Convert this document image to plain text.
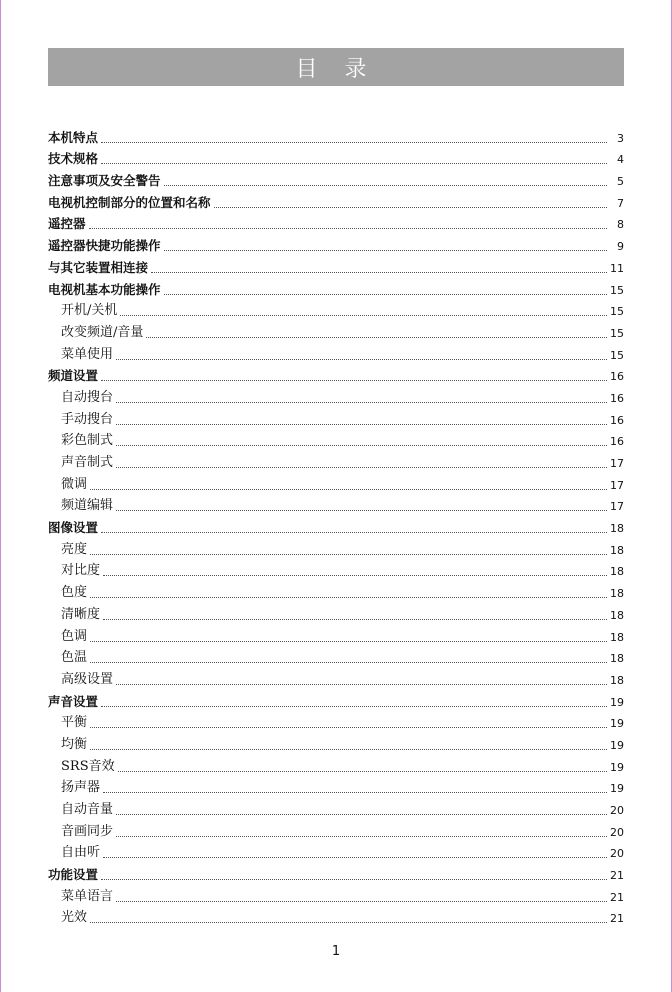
目 录
本机特点	3
技术规格	4
注意事项及安全警告	5
电视机控制部分的位置和名称	7
遥控器	8
遥控器快捷功能操作	9
与其它装置相连接	11
电视机基本功能操作	15
开机/关机	15
改变频道/音量	15
菜单使用	15
频道设置	16
自动搜台	16
手动搜台	16
彩色制式	16
声音制式	17
微调	17
频道编辑	17
图像设置	18
亮度	18
对比度	18
色度	18
清晰度	18
色调	18
色温	18
高级设置	18
声音设置	19
平衡	19
均衡	19
SRS音效	19
扬声器	19
自动音量	20
音画同步	20
自由听	20
功能设置	21
菜单语言	21
光效	21
1
